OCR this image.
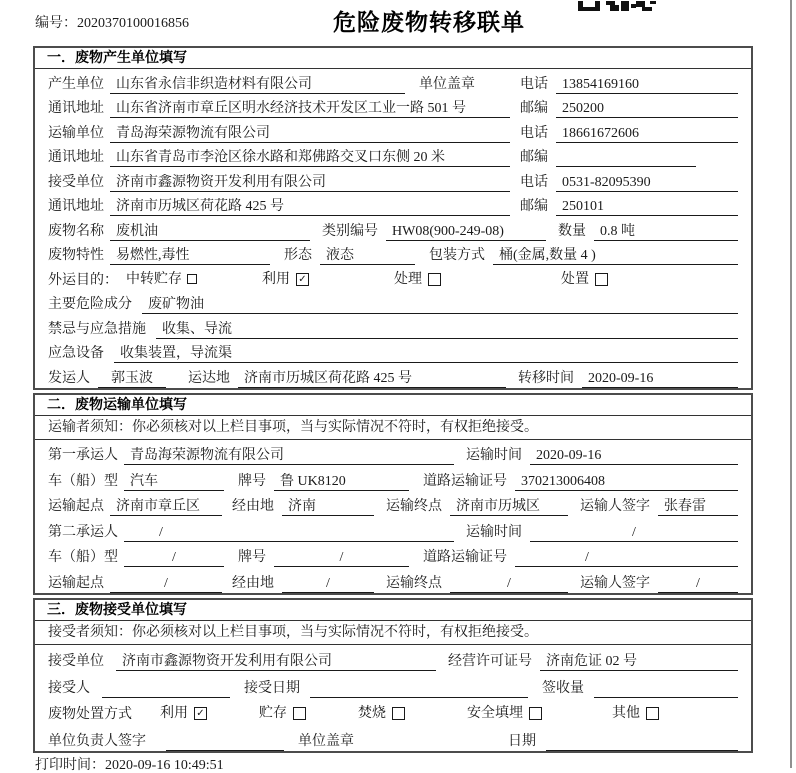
编号：2020370100016856	危险废物转移联单
一．废物产生单位填写
产生单位 山东省永信非织造材料有限公司	单位盖章	电话	13854169160
通讯地址 山东省济南市章丘区明水经济技术开发区工业一路 501 号	邮编	250200
运输单位 青岛海荣源物流有限公司	电话	18661672606
通讯地址 山东省青岛市李沧区徐水路和郑佛路交叉口东侧 20 米	邮编
接受单位 济南市鑫源物资开发利用有限公司	电话	0531-82095390
通讯地址 济南市历城区荷花路 425 号	邮编	250101
废物名称 废机油	类别编号	HW08(900-249-08)	数量	0.8 吨
废物特性 易燃性,毒性	形态	液态	包装方式	桶(金属,数量 4 )
外运目的： 中转贮存	利用 ✓	处理	处置
主要危险成分	废矿物油
禁忌与应急措施	收集、导流
应急设备	收集装置，导流渠
发运人	郭玉波	运达地	济南市历城区荷花路 425 号	转移时间	2020-09-16
二．废物运输单位填写
运输者须知：你必须核对以上栏目事项，当与实际情况不符时，有权拒绝接受。
第一承运人 青岛海荣源物流有限公司	运输时间	2020-09-16
车（船）型 汽车	牌号	鲁 UK8120	道路运输证号	370213006408
运输起点 济南市章丘区	经由地	济南	运输终点	济南市历城区	运输人签字	张春雷
第二承运人	/	运输时间	/
车（船）型	/	牌号	/	道路运输证号	/
运输起点	/	经由地	/	运输终点	/	运输人签字	/
三．废物接受单位填写
接受者须知：你必须核对以上栏目事项，当与实际情况不符时，有权拒绝接受。
接受单位	济南市鑫源物资开发利用有限公司	经营许可证号	济南危证 02 号
接受人	接受日期	签收量
废物处置方式 利用 ✓	贮存	焚烧	安全填埋	其他
单位负责人签字	单位盖章	日期
打印时间：2020-09-16 10:49:51
